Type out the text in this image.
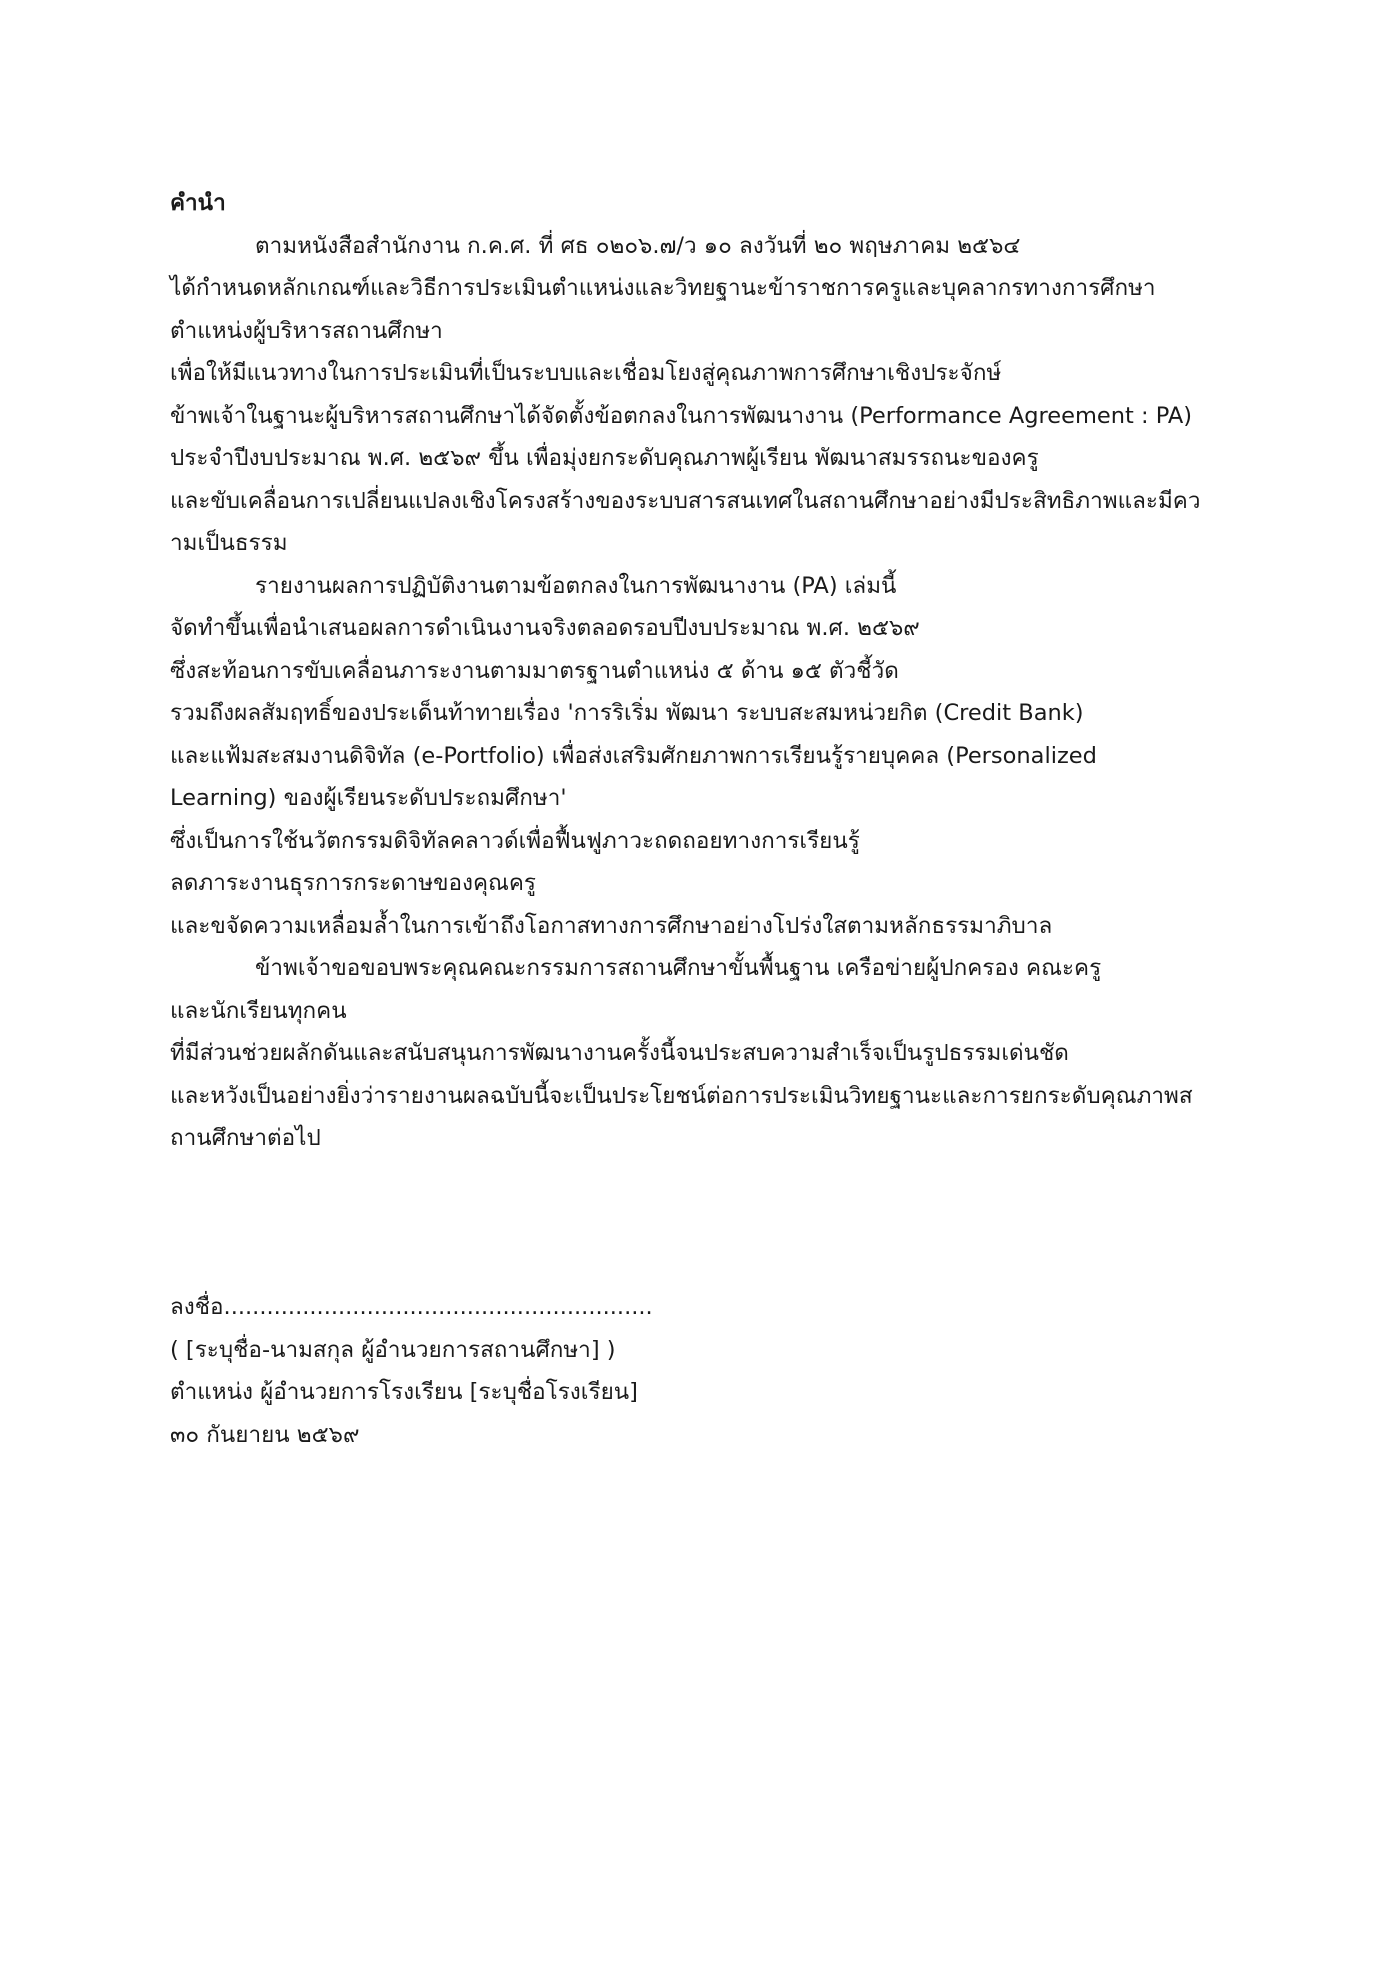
คำนำ
ตามหนังสือสำนักงาน ก.ค.ศ. ที่ ศธ ๐๒๐๖.๗/ว ๑๐ ลงวันที่ ๒๐ พฤษภาคม ๒๕๖๔
ได้กำหนดหลักเกณฑ์และวิธีการประเมินตำแหน่งและวิทยฐานะข้าราชการครูและบุคลากรทางการศึกษา
ตำแหน่งผู้บริหารสถานศึกษา
เพื่อให้มีแนวทางในการประเมินที่เป็นระบบและเชื่อมโยงสู่คุณภาพการศึกษาเชิงประจักษ์
ข้าพเจ้าในฐานะผู้บริหารสถานศึกษาได้จัดตั้งข้อตกลงในการพัฒนางาน (Performance Agreement : PA)
ประจำปีงบประมาณ พ.ศ. ๒๕๖๙ ขึ้น เพื่อมุ่งยกระดับคุณภาพผู้เรียน พัฒนาสมรรถนะของครู
และขับเคลื่อนการเปลี่ยนแปลงเชิงโครงสร้างของระบบสารสนเทศในสถานศึกษาอย่างมีประสิทธิภาพและมีคว
ามเป็นธรรม
รายงานผลการปฏิบัติงานตามข้อตกลงในการพัฒนางาน (PA) เล่มนี้
จัดทำขึ้นเพื่อนำเสนอผลการดำเนินงานจริงตลอดรอบปีงบประมาณ พ.ศ. ๒๕๖๙
ซึ่งสะท้อนการขับเคลื่อนภาระงานตามมาตรฐานตำแหน่ง ๕ ด้าน ๑๕ ตัวชี้วัด
รวมถึงผลสัมฤทธิ์ของประเด็นท้าทายเรื่อง 'การริเริ่ม พัฒนา ระบบสะสมหน่วยกิต (Credit Bank)
และแฟ้มสะสมงานดิจิทัล (e-Portfolio) เพื่อส่งเสริมศักยภาพการเรียนรู้รายบุคคล (Personalized
Learning) ของผู้เรียนระดับประถมศึกษา'
ซึ่งเป็นการใช้นวัตกรรมดิจิทัลคลาวด์เพื่อฟื้นฟูภาวะถดถอยทางการเรียนรู้
ลดภาระงานธุรการกระดาษของคุณครู
และขจัดความเหลื่อมล้ำในการเข้าถึงโอกาสทางการศึกษาอย่างโปร่งใสตามหลักธรรมาภิบาล
ข้าพเจ้าขอขอบพระคุณคณะกรรมการสถานศึกษาขั้นพื้นฐาน เครือข่ายผู้ปกครอง คณะครู
และนักเรียนทุกคน
ที่มีส่วนช่วยผลักดันและสนับสนุนการพัฒนางานครั้งนี้จนประสบความสำเร็จเป็นรูปธรรมเด่นชัด
และหวังเป็นอย่างยิ่งว่ารายงานผลฉบับนี้จะเป็นประโยชน์ต่อการประเมินวิทยฐานะและการยกระดับคุณภาพส
ถานศึกษาต่อไป
ลงชื่อ............................................................
( [ระบุชื่อ-นามสกุล ผู้อำนวยการสถานศึกษา] )
ตำแหน่ง ผู้อำนวยการโรงเรียน [ระบุชื่อโรงเรียน]
๓๐ กันยายน ๒๕๖๙
